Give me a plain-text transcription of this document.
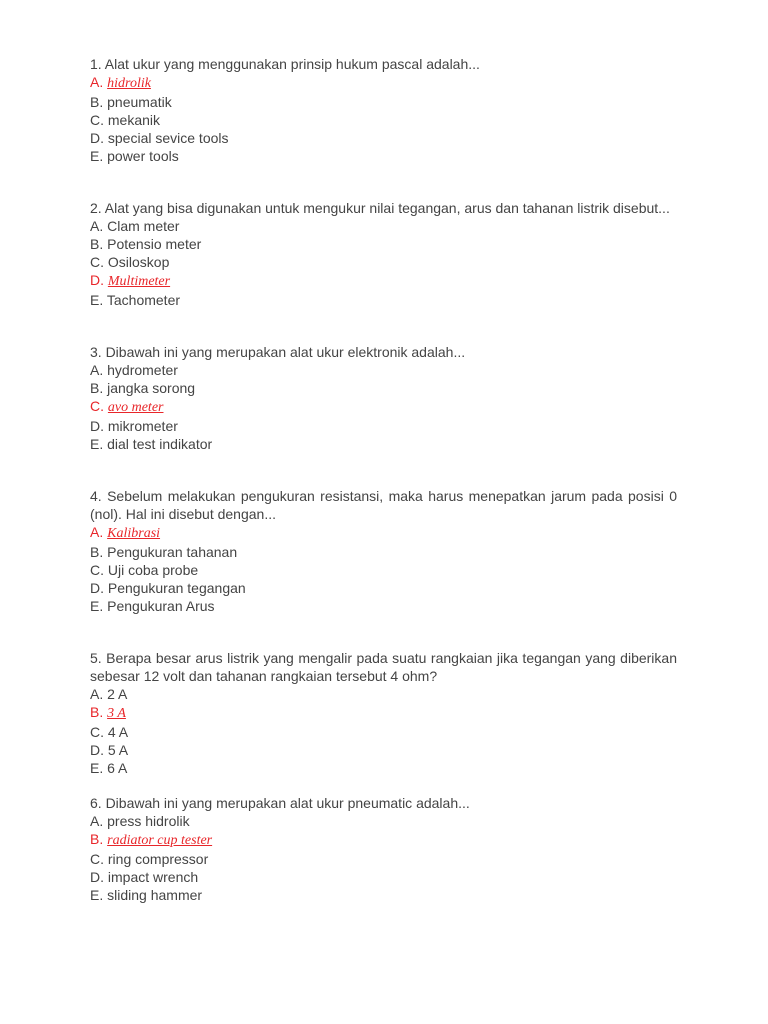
1. Alat ukur yang menggunakan prinsip hukum pascal adalah...

A. hidrolik

B. pneumatik

C. mekanik

D. special sevice tools

E. power tools

2. Alat yang bisa digunakan untuk mengukur nilai tegangan, arus dan tahanan listrik disebut...

A. Clam meter

B. Potensio meter

C. Osiloskop

D. Multimeter

E. Tachometer

3. Dibawah ini yang merupakan alat ukur elektronik adalah...

A. hydrometer

B. jangka sorong

C. avo meter

D. mikrometer

E. dial test indikator

4. Sebelum melakukan pengukuran resistansi, maka harus menepatkan jarum pada posisi 0 (nol). Hal ini disebut dengan...

A. Kalibrasi

B. Pengukuran tahanan

C. Uji coba probe

D. Pengukuran tegangan

E. Pengukuran Arus

5. Berapa besar arus listrik yang mengalir pada suatu rangkaian jika tegangan yang diberikan sebesar 12 volt dan tahanan rangkaian tersebut 4 ohm?

A. 2 A

B. 3 A

C. 4 A

D. 5 A

E. 6 A

6. Dibawah ini yang merupakan alat ukur pneumatic adalah...

A. press hidrolik

B. radiator cup tester

C. ring compressor

D. impact wrench

E. sliding hammer
